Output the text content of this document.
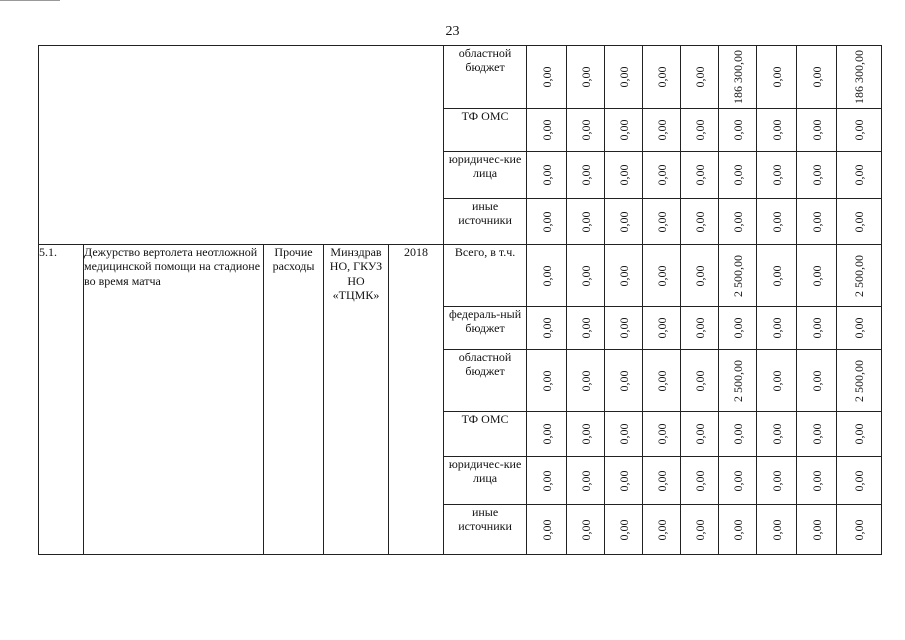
23
					областной бюджет	0,00	0,00	0,00	0,00	0,00	186 300,00	0,00	0,00	186 300,00

					ТФ ОМС	0,00	0,00	0,00	0,00	0,00	0,00	0,00	0,00	0,00

					юридичес-кие лица	0,00	0,00	0,00	0,00	0,00	0,00	0,00	0,00	0,00

					иные источники	0,00	0,00	0,00	0,00	0,00	0,00	0,00	0,00	0,00

5.1.	Дежурство вертолета неотложной медицинской помощи на стадионе во время матча	Прочие расходы	Минздрав НО, ГКУЗ НО «ТЦМК»	2018	Всего, в т.ч.	0,00	0,00	0,00	0,00	0,00	2 500,00	0,00	0,00	2 500,00

					федераль-ный бюджет	0,00	0,00	0,00	0,00	0,00	0,00	0,00	0,00	0,00

					областной бюджет	0,00	0,00	0,00	0,00	0,00	2 500,00	0,00	0,00	2 500,00

					ТФ ОМС	0,00	0,00	0,00	0,00	0,00	0,00	0,00	0,00	0,00

					юридичес-кие лица	0,00	0,00	0,00	0,00	0,00	0,00	0,00	0,00	0,00

					иные источники	0,00	0,00	0,00	0,00	0,00	0,00	0,00	0,00	0,00
